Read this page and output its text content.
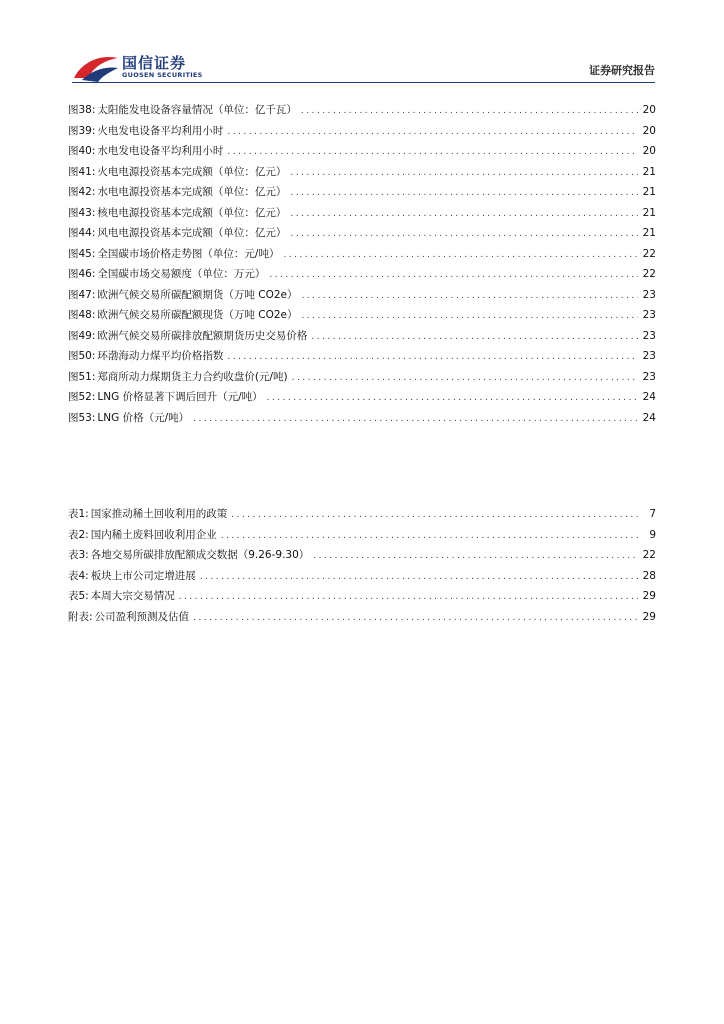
国信证券
GUOSEN SECURITIES	证券研究报告
图38: 太阳能发电设备容量情况（单位：亿千瓦） . . .	20
图39: 火电发电设备平均利用小时 . . .	20
图40: 水电发电设备平均利用小时 . . .	20
图41: 火电电源投资基本完成额（单位：亿元） . . .	21
图42: 水电电源投资基本完成额（单位：亿元） . . .	21
图43: 核电电源投资基本完成额（单位：亿元） . . .	21
图44: 风电电源投资基本完成额（单位：亿元） . . .	21
图45: 全国碳市场价格走势图（单位：元/吨） . . .	22
图46: 全国碳市场交易额度（单位：万元） . . .	22
图47: 欧洲气候交易所碳配额期货（万吨 CO2e） . . .	23
图48: 欧洲气候交易所碳配额现货（万吨 CO2e） . . .	23
图49: 欧洲气候交易所碳排放配额期货历史交易价格 . . .	23
图50: 环渤海动力煤平均价格指数 . . .	23
图51: 郑商所动力煤期货主力合约收盘价(元/吨) . . .	23
图52: LNG 价格显著下调后回升（元/吨） . . .	24
图53: LNG 价格（元/吨） . . .	24
表1: 国家推动稀土回收利用的政策 . . .	7
表2: 国内稀土废料回收利用企业 . . .	9
表3: 各地交易所碳排放配额成交数据（9.26-9.30） . . .	22
表4: 板块上市公司定增进展 . . .	28
表5: 本周大宗交易情况 . . .	29
附表: 公司盈利预测及估值 . . .	29
